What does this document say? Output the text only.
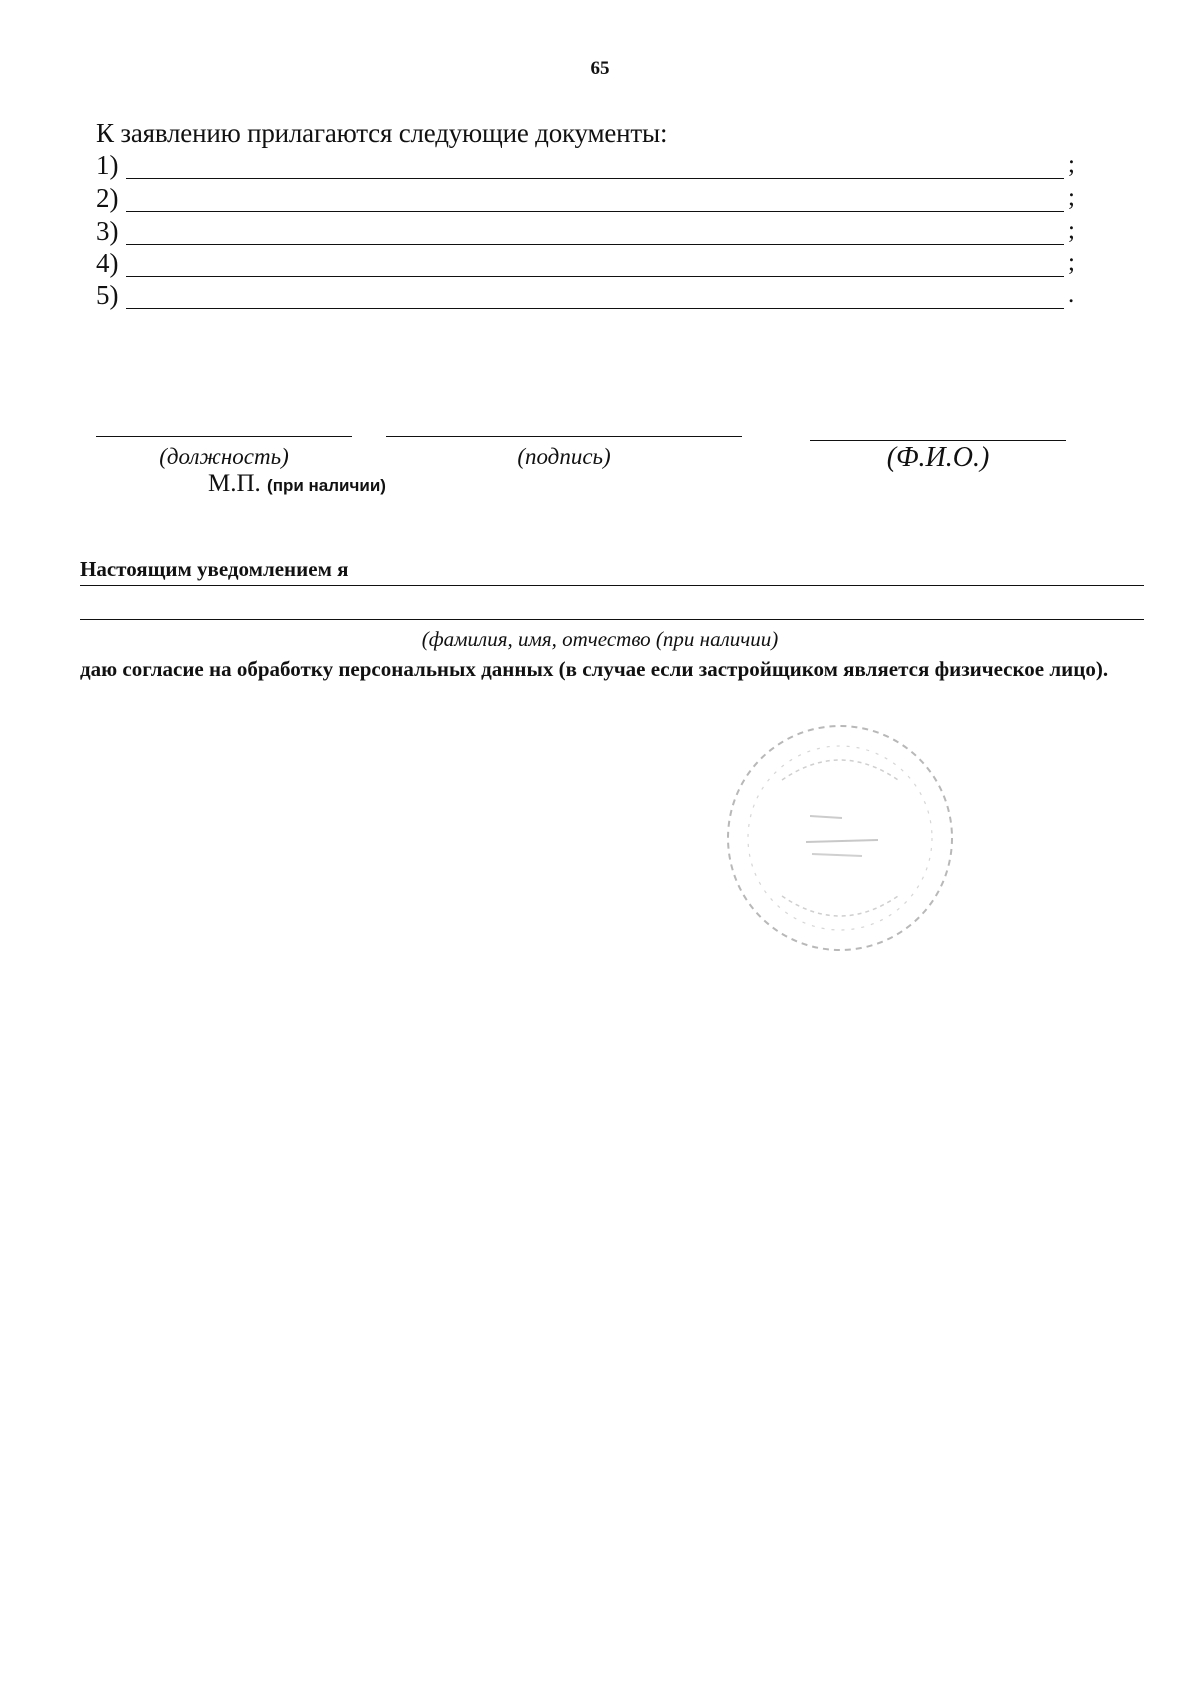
65
К заявлению прилагаются следующие документы:
1)	;
2)	;
3)	;
4)	;
5)	.
(должность)	(подпись)	(Ф.И.О.)
М.П. (при наличии)
Настоящим уведомлением я
(фамилия, имя, отчество (при наличии)
даю согласие на обработку персональных данных (в случае если застройщиком является физическое лицо).
